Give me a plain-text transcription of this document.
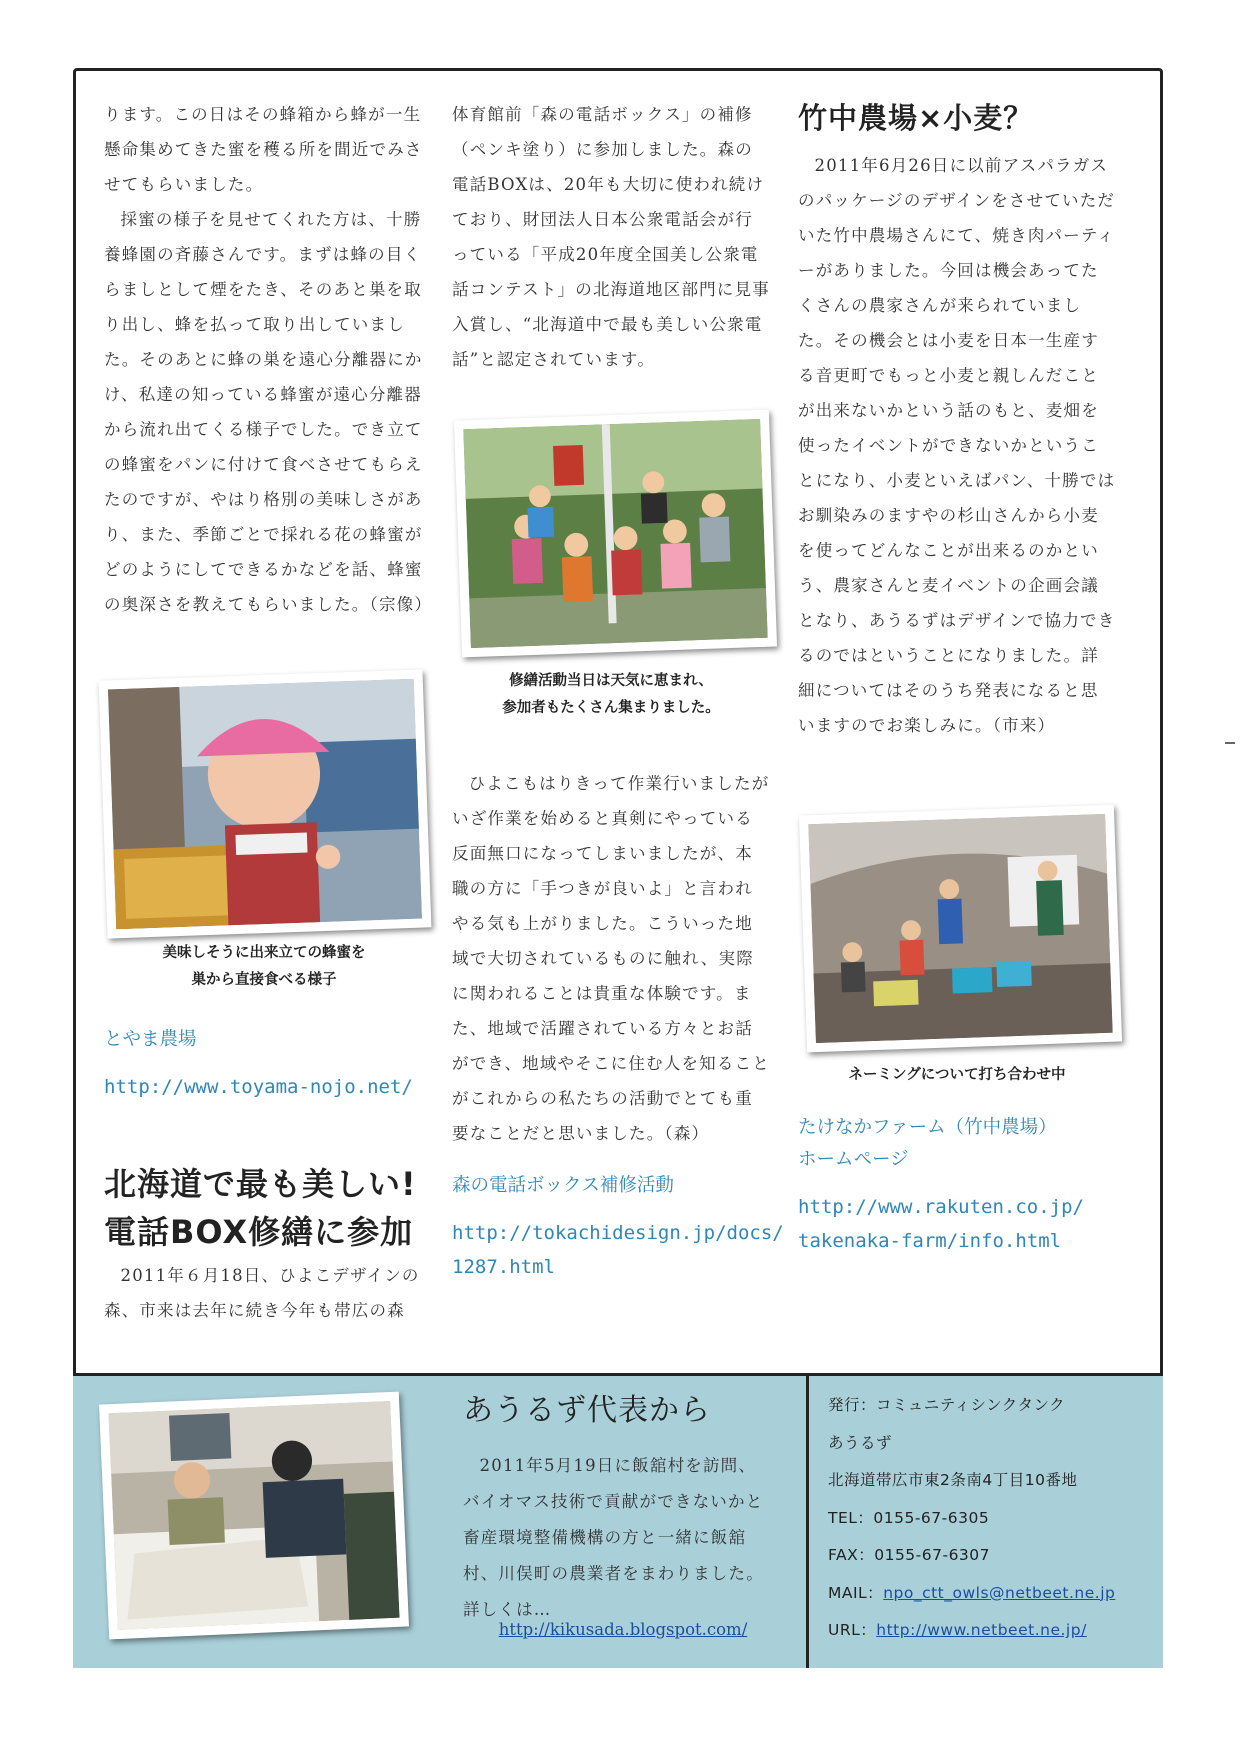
ります。この日はその蜂箱から蜂が一生懸命集めてきた蜜を穫る所を間近でみさせてもらいました。

採蜜の様子を見せてくれた方は、十勝養蜂園の斉藤さんです。まずは蜂の目くらましとして煙をたき、そのあと巣を取り出し、蜂を払って取り出していました。そのあとに蜂の巣を遠心分離器にかけ、私達の知っている蜂蜜が遠心分離器から流れ出てくる様子でした。でき立ての蜂蜜をパンに付けて食べさせてもらえたのですが、やはり格別の美味しさがあり、また、季節ごとで採れる花の蜂蜜がどのようにしてできるかなどを話、蜂蜜の奥深さを教えてもらいました。（宗像）

美味しそうに出来立ての蜂蜜を
巣から直接食べる様子
とやま農場
http://www.toyama-nojo.net/
北海道で最も美しい!
電話BOX修繕に参加

2011年６月18日、ひよこデザインの森、市来は去年に続き今年も帯広の森

体育館前「森の電話ボックス」の補修（ペンキ塗り）に参加しました。森の電話BOXは、20年も大切に使われ続けており、財団法人日本公衆電話会が行っている「平成20年度全国美し公衆電話コンテスト」の北海道地区部門に見事入賞し、“北海道中で最も美しい公衆電話”と認定されています。

修繕活動当日は天気に恵まれ、
参加者もたくさん集まりました。

ひよこもはりきって作業行いましたがいざ作業を始めると真剣にやっている反面無口になってしまいましたが、本職の方に「手つきが良いよ」と言われやる気も上がりました。こういった地域で大切されているものに触れ、実際に関われることは貴重な体験です。また、地域で活躍されている方々とお話ができ、地域やそこに住む人を知ることがこれからの私たちの活動でとても重要なことだと思いました。（森）

森の電話ボックス補修活動
http://tokachidesign.jp/docs/
1287.html
竹中農場×小麦？

2011年6月26日に以前アスパラガスのパッケージのデザインをさせていただいた竹中農場さんにて、焼き肉パーティーがありました。今回は機会あってたくさんの農家さんが来られていました。その機会とは小麦を日本一生産する音更町でもっと小麦と親しんだことが出来ないかという話のもと、麦畑を使ったイベントができないかということになり、小麦といえばパン、十勝ではお馴染みのますやの杉山さんから小麦を使ってどんなことが出来るのかという、農家さんと麦イベントの企画会議となり、あうるずはデザインで協力できるのではということになりました。詳細についてはそのうち発表になると思いますのでお楽しみに。（市来）

ネーミングについて打ち合わせ中
たけなかファーム（竹中農場）
ホームページ
http://www.rakuten.co.jp/
takenaka-farm/info.html
あうるず代表から

2011年5月19日に飯舘村を訪問、バイオマス技術で貢献ができないかと畜産環境整備機構の方と一緒に飯舘村、川俣町の農業者をまわりました。詳しくは…

http://kikusada.blogspot.com/
発行：コミュニティシンクタンク
あうるず
北海道帯広市東2条南4丁目10番地
TEL：0155-67-6305
FAX：0155-67-6307
MAIL：npo_ctt_owls@netbeet.ne.jp
URL：http://www.netbeet.ne.jp/
